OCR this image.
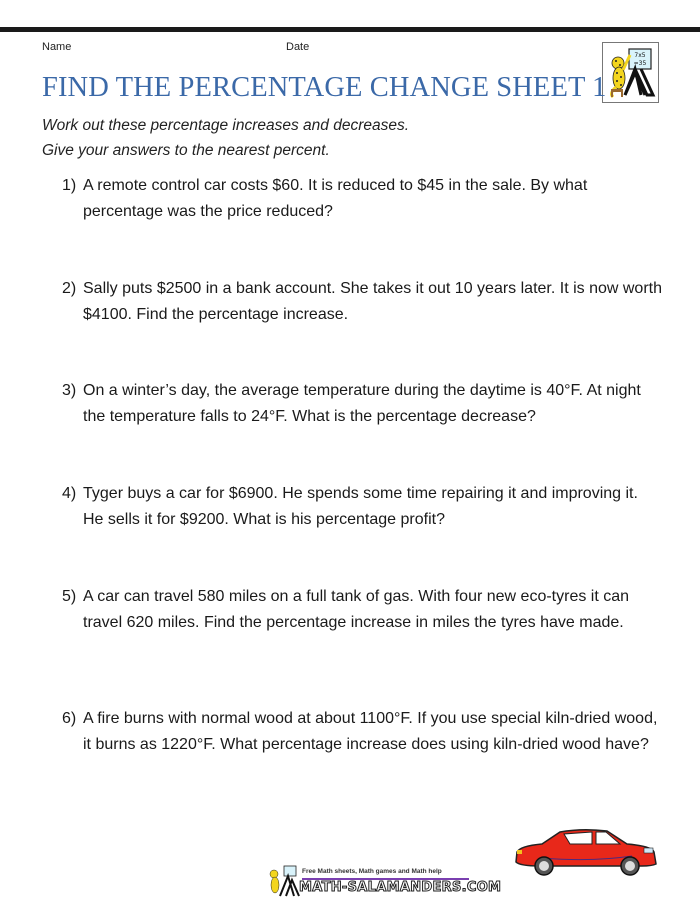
Name	Date
7x5
=35
FIND THE PERCENTAGE CHANGE SHEET 1
Work out these percentage increases and decreases.
Give your answers to the nearest percent.
1) A remote control car costs $60. It is reduced to $45 in the sale. By what percentage was the price reduced?
2) Sally puts $2500 in a bank account. She takes it out 10 years later. It is now worth $4100. Find the percentage increase.
3) On a winter’s day, the average temperature during the daytime is 40°F. At night the temperature falls to 24°F. What is the percentage decrease?
4) Tyger buys a car for $6900. He spends some time repairing it and improving it. He sells it for $9200. What is his percentage profit?
5) A car can travel 580 miles on a full tank of gas. With four new eco-tyres it can travel 620 miles. Find the percentage increase in miles the tyres have made.
6) A fire burns with normal wood at about 1100°F. If you use special kiln-dried wood, it burns as 1220°F. What percentage increase does using kiln-dried wood have?
Free Math sheets, Math games and Math help
MATH-SALAMANDERS.COM
